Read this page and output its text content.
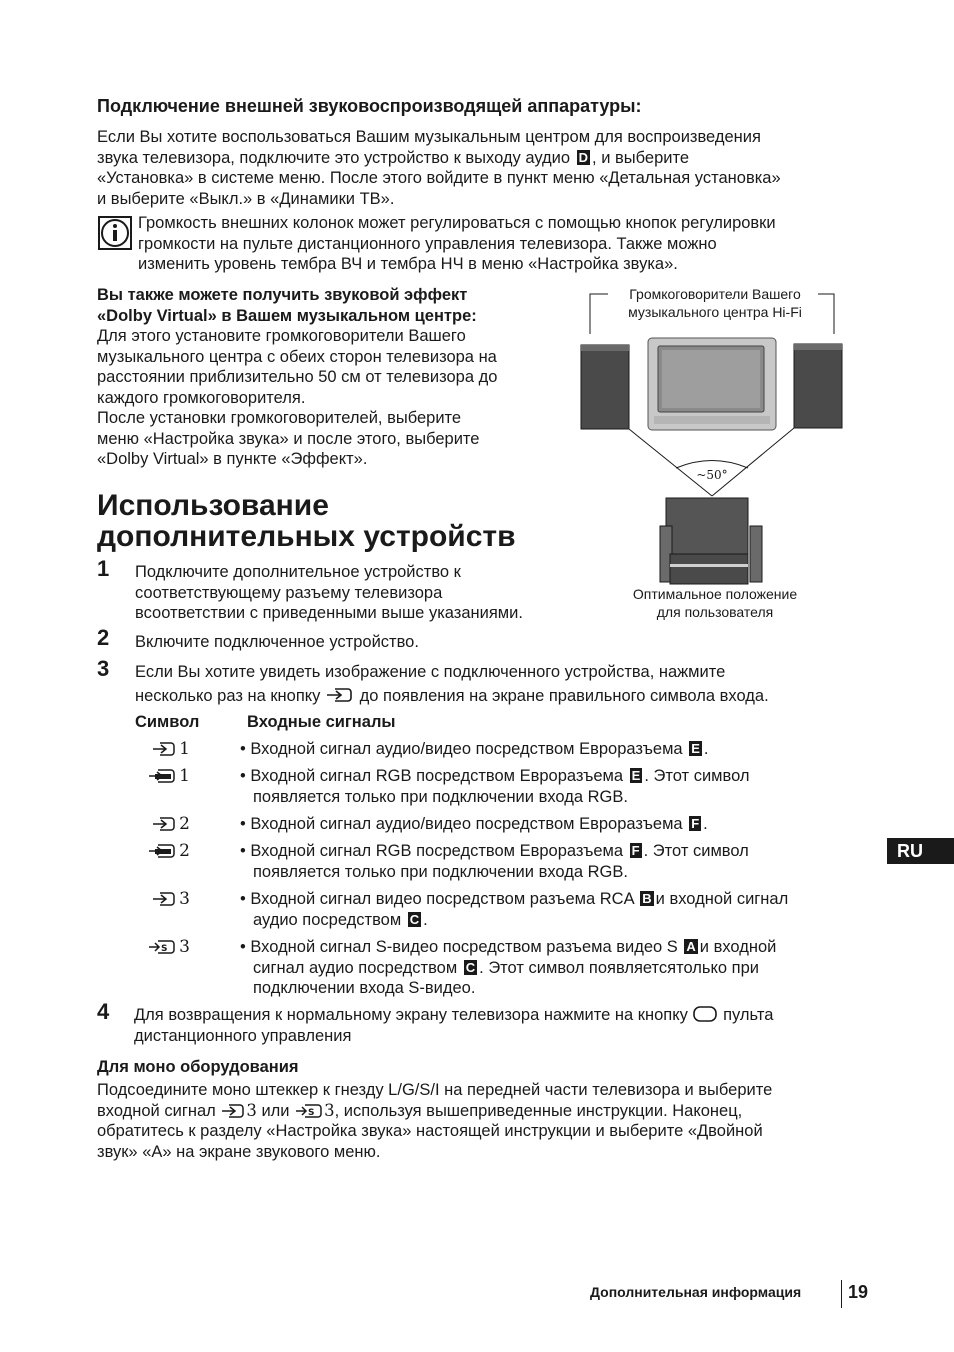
Подключение внешней звуковоспроизводящей аппаратуры:
Если Вы хотите воспользоваться Вашим музыкальным центром для воспроизведения
звука телевизора, подключите это устройство к выходу аудио D , и выберите
«Установка» в системе меню. После этого войдите в пункт меню «Детальная установка»
и выберите «Выкл.» в «Динамики ТВ».
Громкость внешних колонок может регулироваться с помощью кнопок регулировки
громкости на пульте дистанционного управления телевизора. Также можно
изменить уровень тембра ВЧ и тембра НЧ в меню «Настройка звука».
Вы также можете получить звуковой эффект
«Dolby Virtual» в Вашем музыкальном центре:
Для этого установите громкоговорители Вашего
музыкального центра с обеих сторон телевизора на
расстоянии приблизительно 50 см от телевизора до
каждого громкоговорителя.
После установки громкоговорителей, выберите
меню «Настройка звука» и после этого, выберите
«Dolby Virtual» в пункте «Эффект».
Громкоговорители Вашего
музыкального центра Hi-Fi
~50°
Оптимальное положение
для пользователя
Использование
дополнительных устройств
1 Подключите дополнительное устройство к
соответствующему разъему телевизора
всоответствии с приведенными выше указаниями.
2 Включите подключенное устройство.
3 Если Вы хотите увидеть изображение с подключенного устройства, нажмите
несколько раз на кнопку до появления на экране правильного символа входа.
Символ	Входные сигналы
1	• Входной сигнал аудио/видео посредством Евроразъема E .
1	• Входной сигнал RGB посредством Евроразъема E . Этот символ
появляется только при подключении входа RGB.
2	• Входной сигнал аудио/видео посредством Евроразъема F .
2	• Входной сигнал RGB посредством Евроразъема F . Этот символ
появляется только при подключении входа RGB.
3	• Входной сигнал видео посредством разъема RCA B и входной сигнал
аудио посредством C .
S 3	• Входной сигнал S-видео посредством разъема видео S A и входной
сигнал аудио посредством C . Этот символ появляетсятолько при
подключении входа S-видео.
4 Для возвращения к нормальному экрану телевизора нажмите на кнопку пульта
дистанционного управления
Для моно оборудования
Подсоедините моно штеккер к гнезду L/G/S/I на передней части телевизора и выберите
входной сигнал 3 или S 3, используя вышеприведенные инструкции. Наконец,
обратитесь к разделу «Настройка звука» настоящей инструкции и выберите «Двойной
звук» «A» на экране звукового меню.
RU
Дополнительная информация	19
